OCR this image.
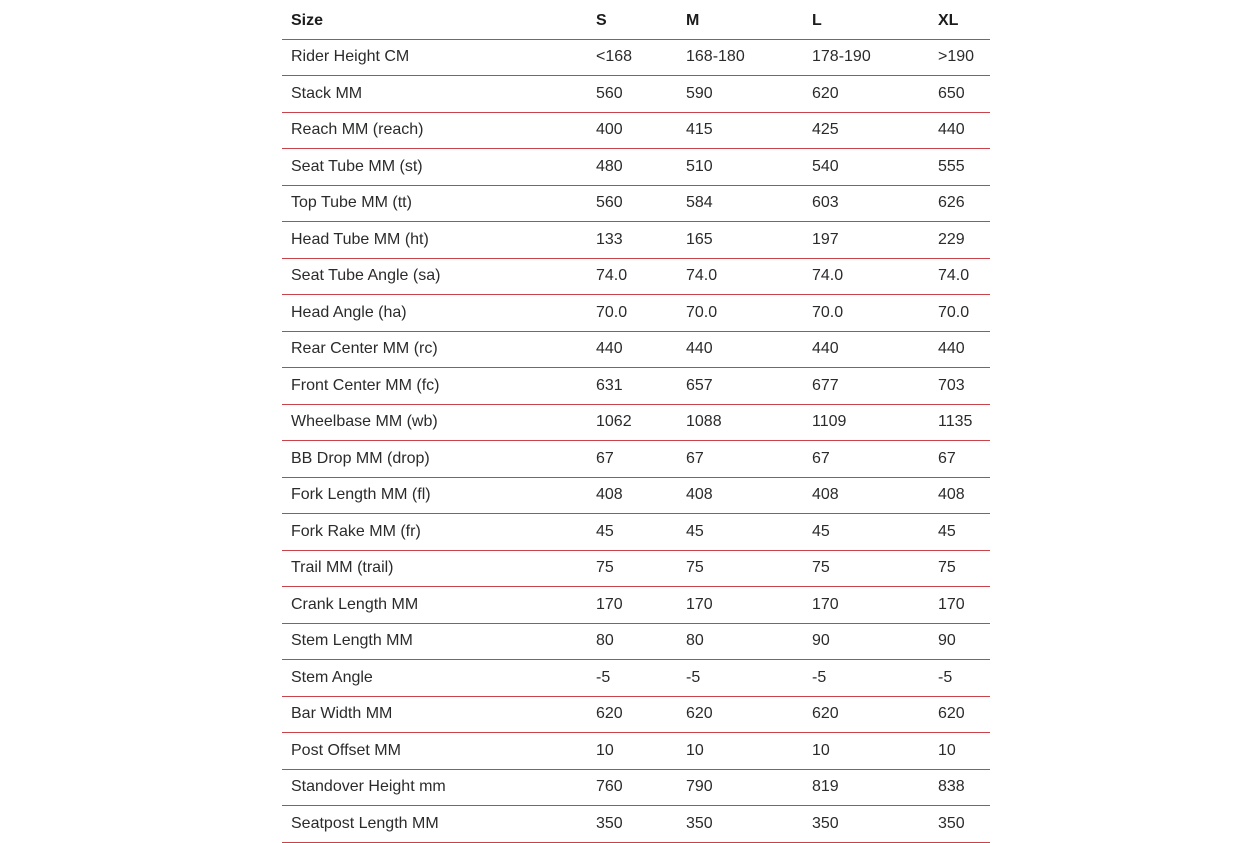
Size	S	M	L	XL
Rider Height CM	<168	168-180	178-190	>190
Stack MM	560	590	620	650
Reach MM (reach)	400	415	425	440
Seat Tube MM (st)	480	510	540	555
Top Tube MM (tt)	560	584	603	626
Head Tube MM (ht)	133	165	197	229
Seat Tube Angle (sa)	74.0	74.0	74.0	74.0
Head Angle (ha)	70.0	70.0	70.0	70.0
Rear Center MM (rc)	440	440	440	440
Front Center MM (fc)	631	657	677	703
Wheelbase MM (wb)	1062	1088	1109	1135
BB Drop MM (drop)	67	67	67	67
Fork Length MM (fl)	408	408	408	408
Fork Rake MM (fr)	45	45	45	45
Trail MM (trail)	75	75	75	75
Crank Length MM	170	170	170	170
Stem Length MM	80	80	90	90
Stem Angle	-5	-5	-5	-5
Bar Width MM	620	620	620	620
Post Offset MM	10	10	10	10
Standover Height mm	760	790	819	838
Seatpost Length MM	350	350	350	350
